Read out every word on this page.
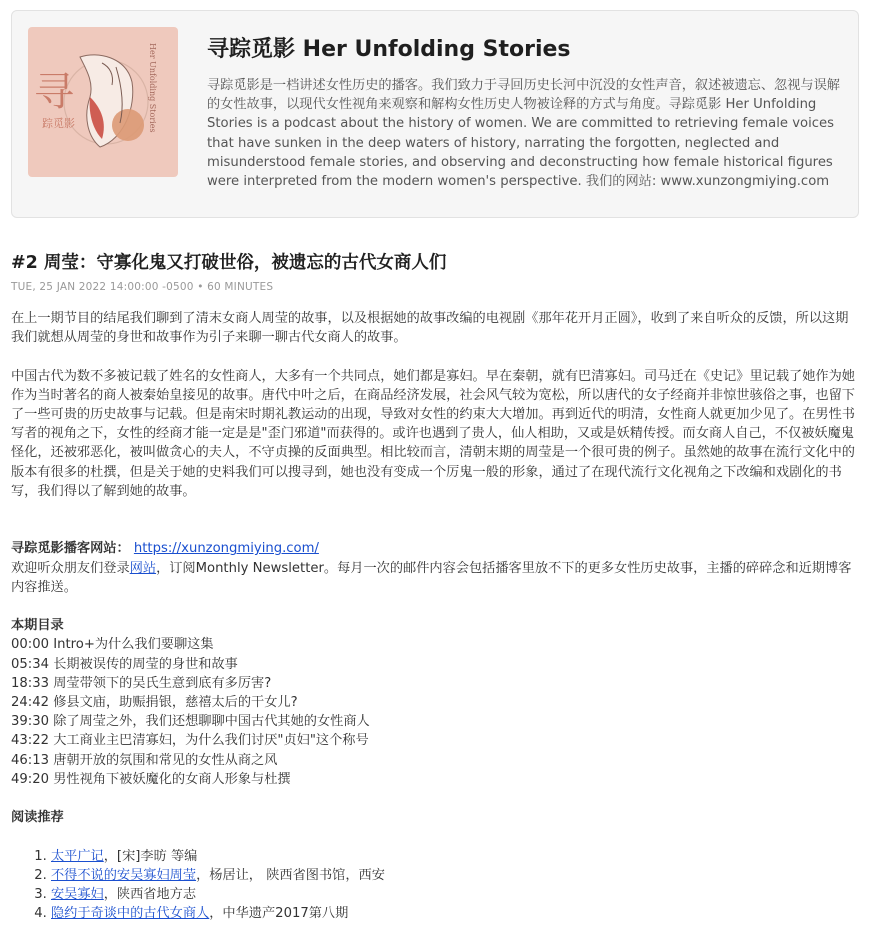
寻
踪觅影	Her Unfolding Stories 寻踪觅影 Her Unfolding Stories
寻踪觅影是一档讲述女性历史的播客。我们致力于寻回历史长河中沉没的女性声音，叙述被遗忘、忽视与误解的女性故事，以现代女性视角来观察和解构女性历史人物被诠释的方式与角度。寻踪觅影 Her Unfolding Stories is a podcast about the history of women. We are committed to retrieving female voices that have sunken in the deep waters of history, narrating the forgotten, neglected and misunderstood female stories, and observing and deconstructing how female historical figures were interpreted from the modern women's perspective. 我们的网站: www.xunzongmiying.com
#2 周莹：守寡化鬼又打破世俗，被遗忘的古代女商人们
TUE, 25 JAN 2022 14:00:00 -0500 • 60 MINUTES

在上一期节目的结尾我们聊到了清末女商人周莹的故事，以及根据她的故事改编的电视剧《那年花开月正圆》，收到了来自听众的反馈，所以这期我们就想从周莹的身世和故事作为引子来聊一聊古代女商人的故事。

中国古代为数不多被记载了姓名的女性商人，大多有一个共同点，她们都是寡妇。早在秦朝，就有巴清寡妇。司马迁在《史记》里记载了她作为她作为当时著名的商人被秦始皇接见的故事。唐代中叶之后，在商品经济发展，社会风气较为宽松，所以唐代的女子经商并非惊世骇俗之事，也留下了一些可贵的历史故事与记载。但是南宋时期礼教运动的出现，导致对女性的约束大大增加。再到近代的明清，女性商人就更加少见了。在男性书写者的视角之下，女性的经商才能一定是是"歪门邪道"而获得的。或许也遇到了贵人，仙人相助，又或是妖精传授。而女商人自己，不仅被妖魔鬼怪化，还被邪恶化，被叫做贪心的夫人，不守贞操的反面典型。相比较而言，清朝末期的周莹是一个很可贵的例子。虽然她的故事在流行文化中的版本有很多的杜撰，但是关于她的史料我们可以搜寻到，她也没有变成一个厉鬼一般的形象，通过了在现代流行文化视角之下改编和戏剧化的书写，我们得以了解到她的故事。

寻踪觅影播客网站： https://xunzongmiying.com/

欢迎听众朋友们登录网站，订阅Monthly Newsletter。每月一次的邮件内容会包括播客里放不下的更多女性历史故事，主播的碎碎念和近期博客内容推送。

本期目录

00:00 Intro+为什么我们要聊这集

05:34 长期被误传的周莹的身世和故事

18:33 周莹带领下的吴氏生意到底有多厉害?

24:42 修县文庙，助赈捐银，慈禧太后的干女儿?

39:30 除了周莹之外，我们还想聊聊中国古代其她的女性商人

43:22 大工商业主巴清寡妇，为什么我们讨厌"贞妇"这个称号

46:13 唐朝开放的氛围和常见的女性从商之风

49:20 男性视角下被妖魔化的女商人形象与杜撰

阅读推荐

1. 太平广记，[宋]李昉 等编
2. 不得不说的安吴寡妇周莹，杨居让， 陕西省图书馆，西安
3. 安吴寡妇，陕西省地方志
4. 隐约于奇谈中的古代女商人，中华遗产2017第八期
